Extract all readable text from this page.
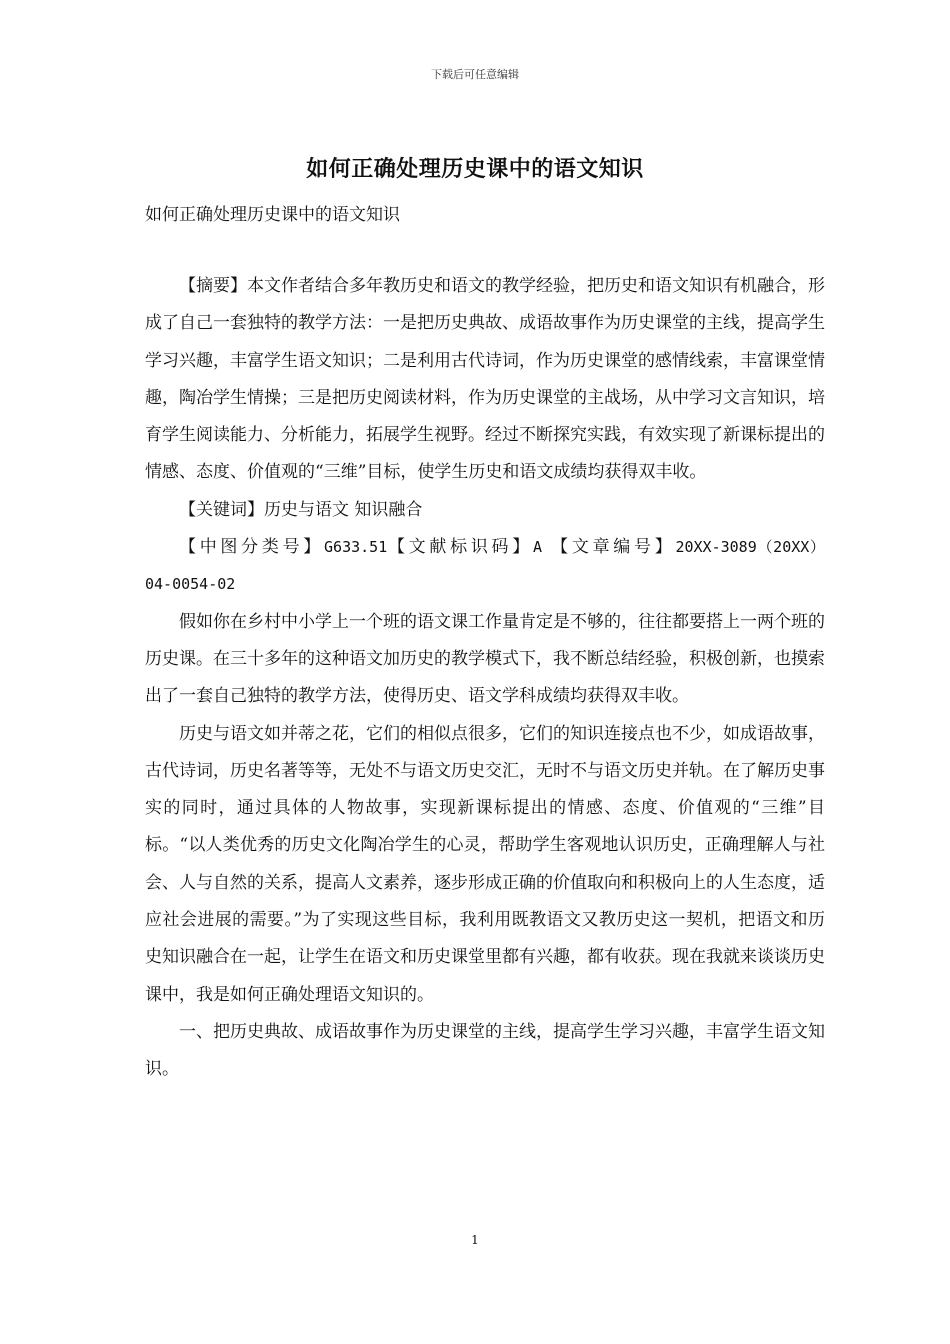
下载后可任意编辑
如何正确处理历史课中的语文知识
如何正确处理历史课中的语文知识

【摘要】本文作者结合多年教历史和语文的教学经验，把历史和语文知识有机融合，形成了自己一套独特的教学方法：一是把历史典故、成语故事作为历史课堂的主线，提高学生学习兴趣，丰富学生语文知识；二是利用古代诗词，作为历史课堂的感情线索，丰富课堂情趣，陶冶学生情操；三是把历史阅读材料，作为历史课堂的主战场，从中学习文言知识，培育学生阅读能力、分析能力，拓展学生视野。经过不断探究实践，有效实现了新课标提出的情感、态度、价值观的“三维”目标，使学生历史和语文成绩均获得双丰收。

【关键词】历史与语文 知识融合

【中图分类号】G633.51【文献标识码】A 【文章编号】20XX-3089（20XX）04-0054-02

假如你在乡村中小学上一个班的语文课工作量肯定是不够的，往往都要搭上一两个班的历史课。在三十多年的这种语文加历史的教学模式下，我不断总结经验，积极创新，也摸索出了一套自己独特的教学方法，使得历史、语文学科成绩均获得双丰收。

历史与语文如并蒂之花，它们的相似点很多，它们的知识连接点也不少，如成语故事，古代诗词，历史名著等等，无处不与语文历史交汇，无时不与语文历史并轨。在了解历史事实的同时，通过具体的人物故事，实现新课标提出的情感、态度、价值观的“三维”目标。“以人类优秀的历史文化陶冶学生的心灵，帮助学生客观地认识历史，正确理解人与社会、人与自然的关系，提高人文素养，逐步形成正确的价值取向和积极向上的人生态度，适应社会进展的需要。”为了实现这些目标，我利用既教语文又教历史这一契机，把语文和历史知识融合在一起，让学生在语文和历史课堂里都有兴趣，都有收获。现在我就来谈谈历史课中，我是如何正确处理语文知识的。

一、把历史典故、成语故事作为历史课堂的主线，提高学生学习兴趣，丰富学生语文知识。

1
